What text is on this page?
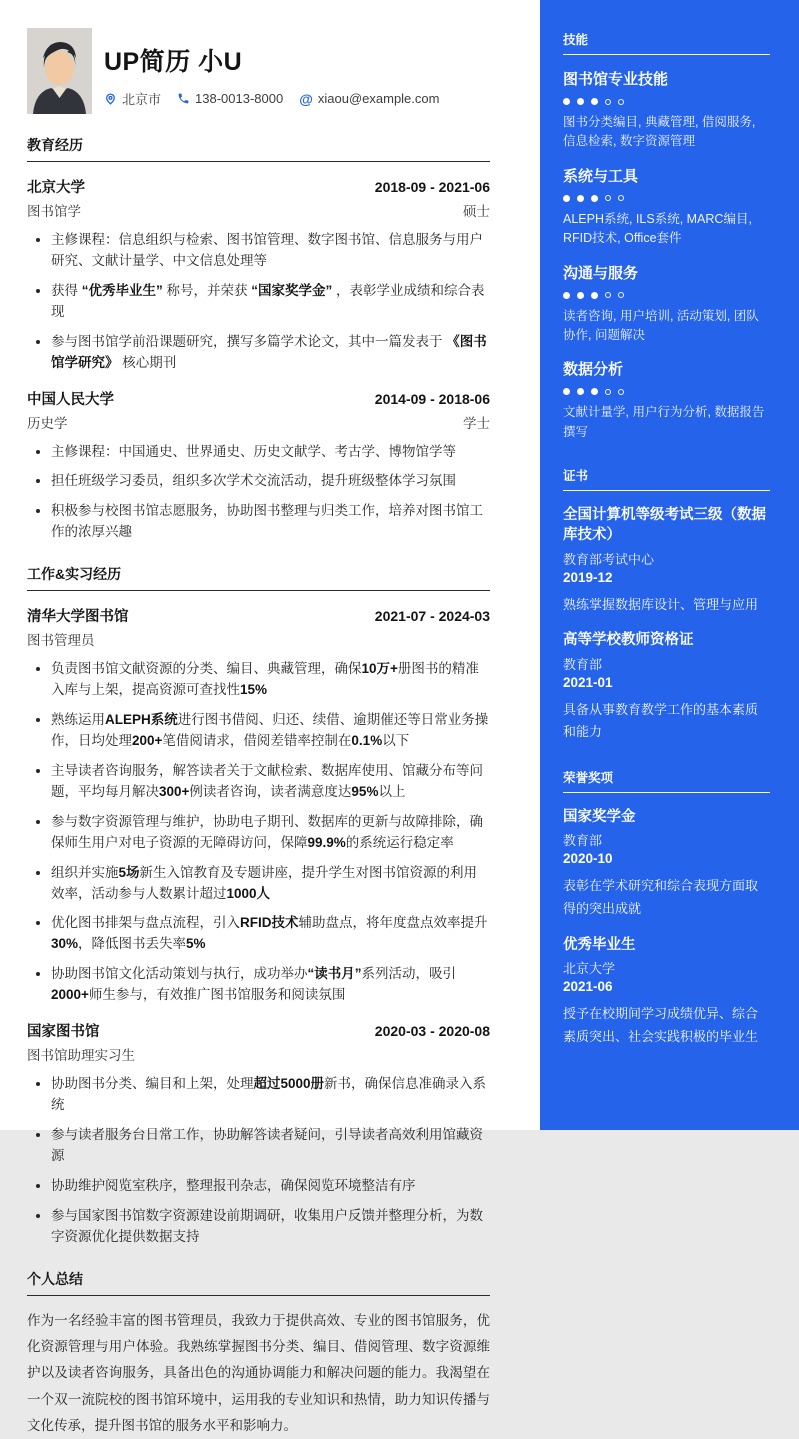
UP简历 小U
北京市	138-0013-8000 @ xiaou@example.com
教育经历
北京大学	2018-09 - 2021-06
图书馆学	硕士
• 主修课程：信息组织与检索、图书馆管理、数字图书馆、信息服务与用户研究、文献计量学、中文信息处理等
• 获得 “优秀毕业生” 称号，并荣获 “国家奖学金” ，表彰学业成绩和综合表现
• 参与图书馆学前沿课题研究，撰写多篇学术论文，其中一篇发表于 《图书馆学研究》 核心期刊
中国人民大学	2014-09 - 2018-06
历史学	学士
• 主修课程：中国通史、世界通史、历史文献学、考古学、博物馆学等
• 担任班级学习委员，组织多次学术交流活动，提升班级整体学习氛围
• 积极参与校图书馆志愿服务，协助图书整理与归类工作，培养对图书馆工作的浓厚兴趣
工作&实习经历
清华大学图书馆	2021-07 - 2024-03
图书管理员
• 负责图书馆文献资源的分类、编目、典藏管理，确保10万+册图书的精准入库与上架，提高资源可查找性15%
• 熟练运用ALEPH系统进行图书借阅、归还、续借、逾期催还等日常业务操作，日均处理200+笔借阅请求，借阅差错率控制在0.1%以下
• 主导读者咨询服务，解答读者关于文献检索、数据库使用、馆藏分布等问题，平均每月解决300+例读者咨询，读者满意度达95%以上
• 参与数字资源管理与维护，协助电子期刊、数据库的更新与故障排除，确保师生用户对电子资源的无障碍访问，保障99.9%的系统运行稳定率
• 组织并实施5场新生入馆教育及专题讲座，提升学生对图书馆资源的利用效率，活动参与人数累计超过1000人
• 优化图书排架与盘点流程，引入RFID技术辅助盘点，将年度盘点效率提升30%，降低图书丢失率5%
• 协助图书馆文化活动策划与执行，成功举办“读书月”系列活动，吸引2000+师生参与，有效推广图书馆服务和阅读氛围
国家图书馆	2020-03 - 2020-08
图书馆助理实习生
• 协助图书分类、编目和上架，处理超过5000册新书，确保信息准确录入系统
• 参与读者服务台日常工作，协助解答读者疑问，引导读者高效利用馆藏资源
• 协助维护阅览室秩序，整理报刊杂志，确保阅览环境整洁有序
• 参与国家图书馆数字资源建设前期调研，收集用户反馈并整理分析，为数字资源优化提供数据支持
个人总结

作为一名经验丰富的图书管理员，我致力于提供高效、专业的图书馆服务，优化资源管理与用户体验。我熟练掌握图书分类、编目、借阅管理、数字资源维护以及读者咨询服务，具备出色的沟通协调能力和解决问题的能力。我渴望在一个双一流院校的图书馆环境中，运用我的专业知识和热情，助力知识传播与文化传承，提升图书馆的服务水平和影响力。

技能
图书馆专业技能
图书分类编目, 典藏管理, 借阅服务, 信息检索, 数字资源管理
系统与工具
ALEPH系统, ILS系统, MARC编目, RFID技术, Office套件
沟通与服务
读者咨询, 用户培训, 活动策划, 团队协作, 问题解决
数据分析
文献计量学, 用户行为分析, 数据报告撰写
证书
全国计算机等级考试三级（数据库技术）
教育部考试中心
2019-12
熟练掌握数据库设计、管理与应用
高等学校教师资格证
教育部
2021-01
具备从事教育教学工作的基本素质和能力
荣誉奖项
国家奖学金
教育部
2020-10
表彰在学术研究和综合表现方面取得的突出成就
优秀毕业生
北京大学
2021-06
授予在校期间学习成绩优异、综合素质突出、社会实践积极的毕业生
